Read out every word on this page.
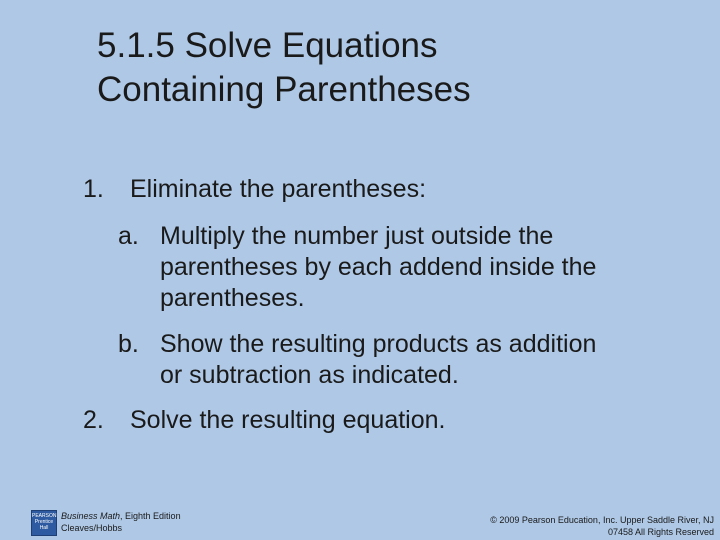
5.1.5 Solve Equations
Containing Parentheses
1. Eliminate the parentheses:
a. Multiply the number just outside the
parentheses by each addend inside the
parentheses.
b. Show the resulting products as addition
or subtraction as indicated.
2. Solve the resulting equation.
PEARSON
Prentice
Hall
Business Math, Eighth Edition
Cleaves/Hobbs
© 2009 Pearson Education, Inc. Upper Saddle River, NJ
07458 All Rights Reserved
